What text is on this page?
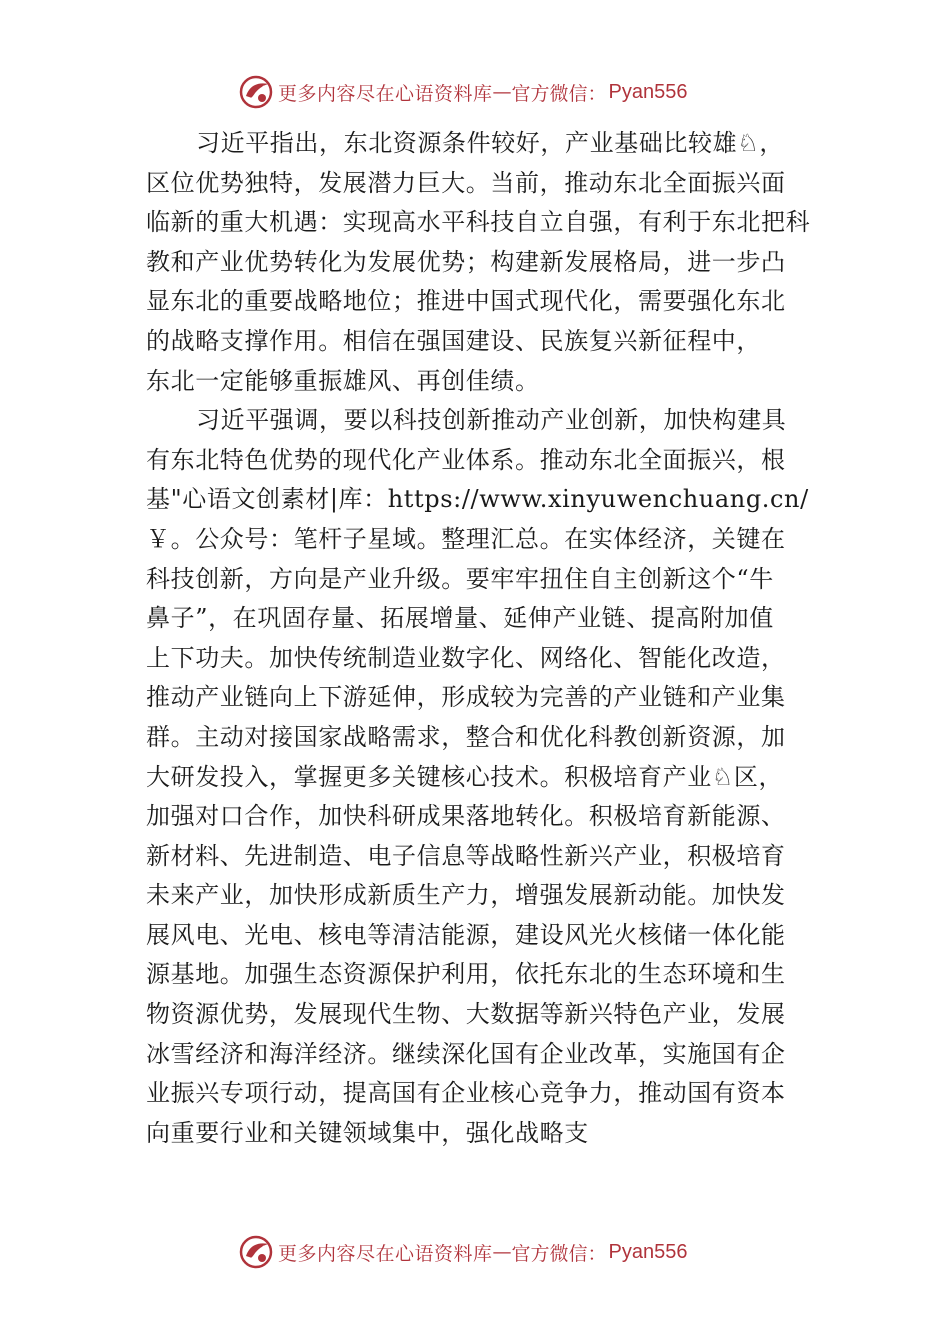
更多内容尽在心语资料库 — 官方微信： Pyan556
习近平指出，东北资源条件较好，产业基础比较雄♘，
区位优势独特，发展潜力巨大。当前，推动东北全面振兴面
临新的重大机遇：实现高水平科技自立自强，有利于东北把科
教和产业优势转化为发展优势；构建新发展格局，进一步凸
显东北的重要战略地位；推进中国式现代化，需要强化东北
的战略支撑作用。相信在强国建设、民族复兴新征程中，
东北一定能够重振雄风、再创佳绩。
习近平强调，要以科技创新推动产业创新，加快构建具
有东北特色优势的现代化产业体系。推动东北全面振兴，根
基"心语文创素材|库：https://www.xinyuwenchuang.cn/
￥。公众号：笔杆子星域。整理汇总。在实体经济，关键在
科技创新，方向是产业升级。要牢牢扭住自主创新这个“牛
鼻子”，在巩固存量、拓展增量、延伸产业链、提高附加值
上下功夫。加快传统制造业数字化、网络化、智能化改造，
推动产业链向上下游延伸，形成较为完善的产业链和产业集
群。主动对接国家战略需求，整合和优化科教创新资源，加
大研发投入，掌握更多关键核心技术。积极培育产业♘区，
加强对口合作，加快科研成果落地转化。积极培育新能源、
新材料、先进制造、电子信息等战略性新兴产业，积极培育
未来产业，加快形成新质生产力，增强发展新动能。加快发
展风电、光电、核电等清洁能源，建设风光火核储一体化能
源基地。加强生态资源保护利用，依托东北的生态环境和生
物资源优势，发展现代生物、大数据等新兴特色产业，发展
冰雪经济和海洋经济。继续深化国有企业改革，实施国有企
业振兴专项行动，提高国有企业核心竞争力，推动国有资本
向重要行业和关键领域集中，强化战略支
更多内容尽在心语资料库 — 官方微信： Pyan556
